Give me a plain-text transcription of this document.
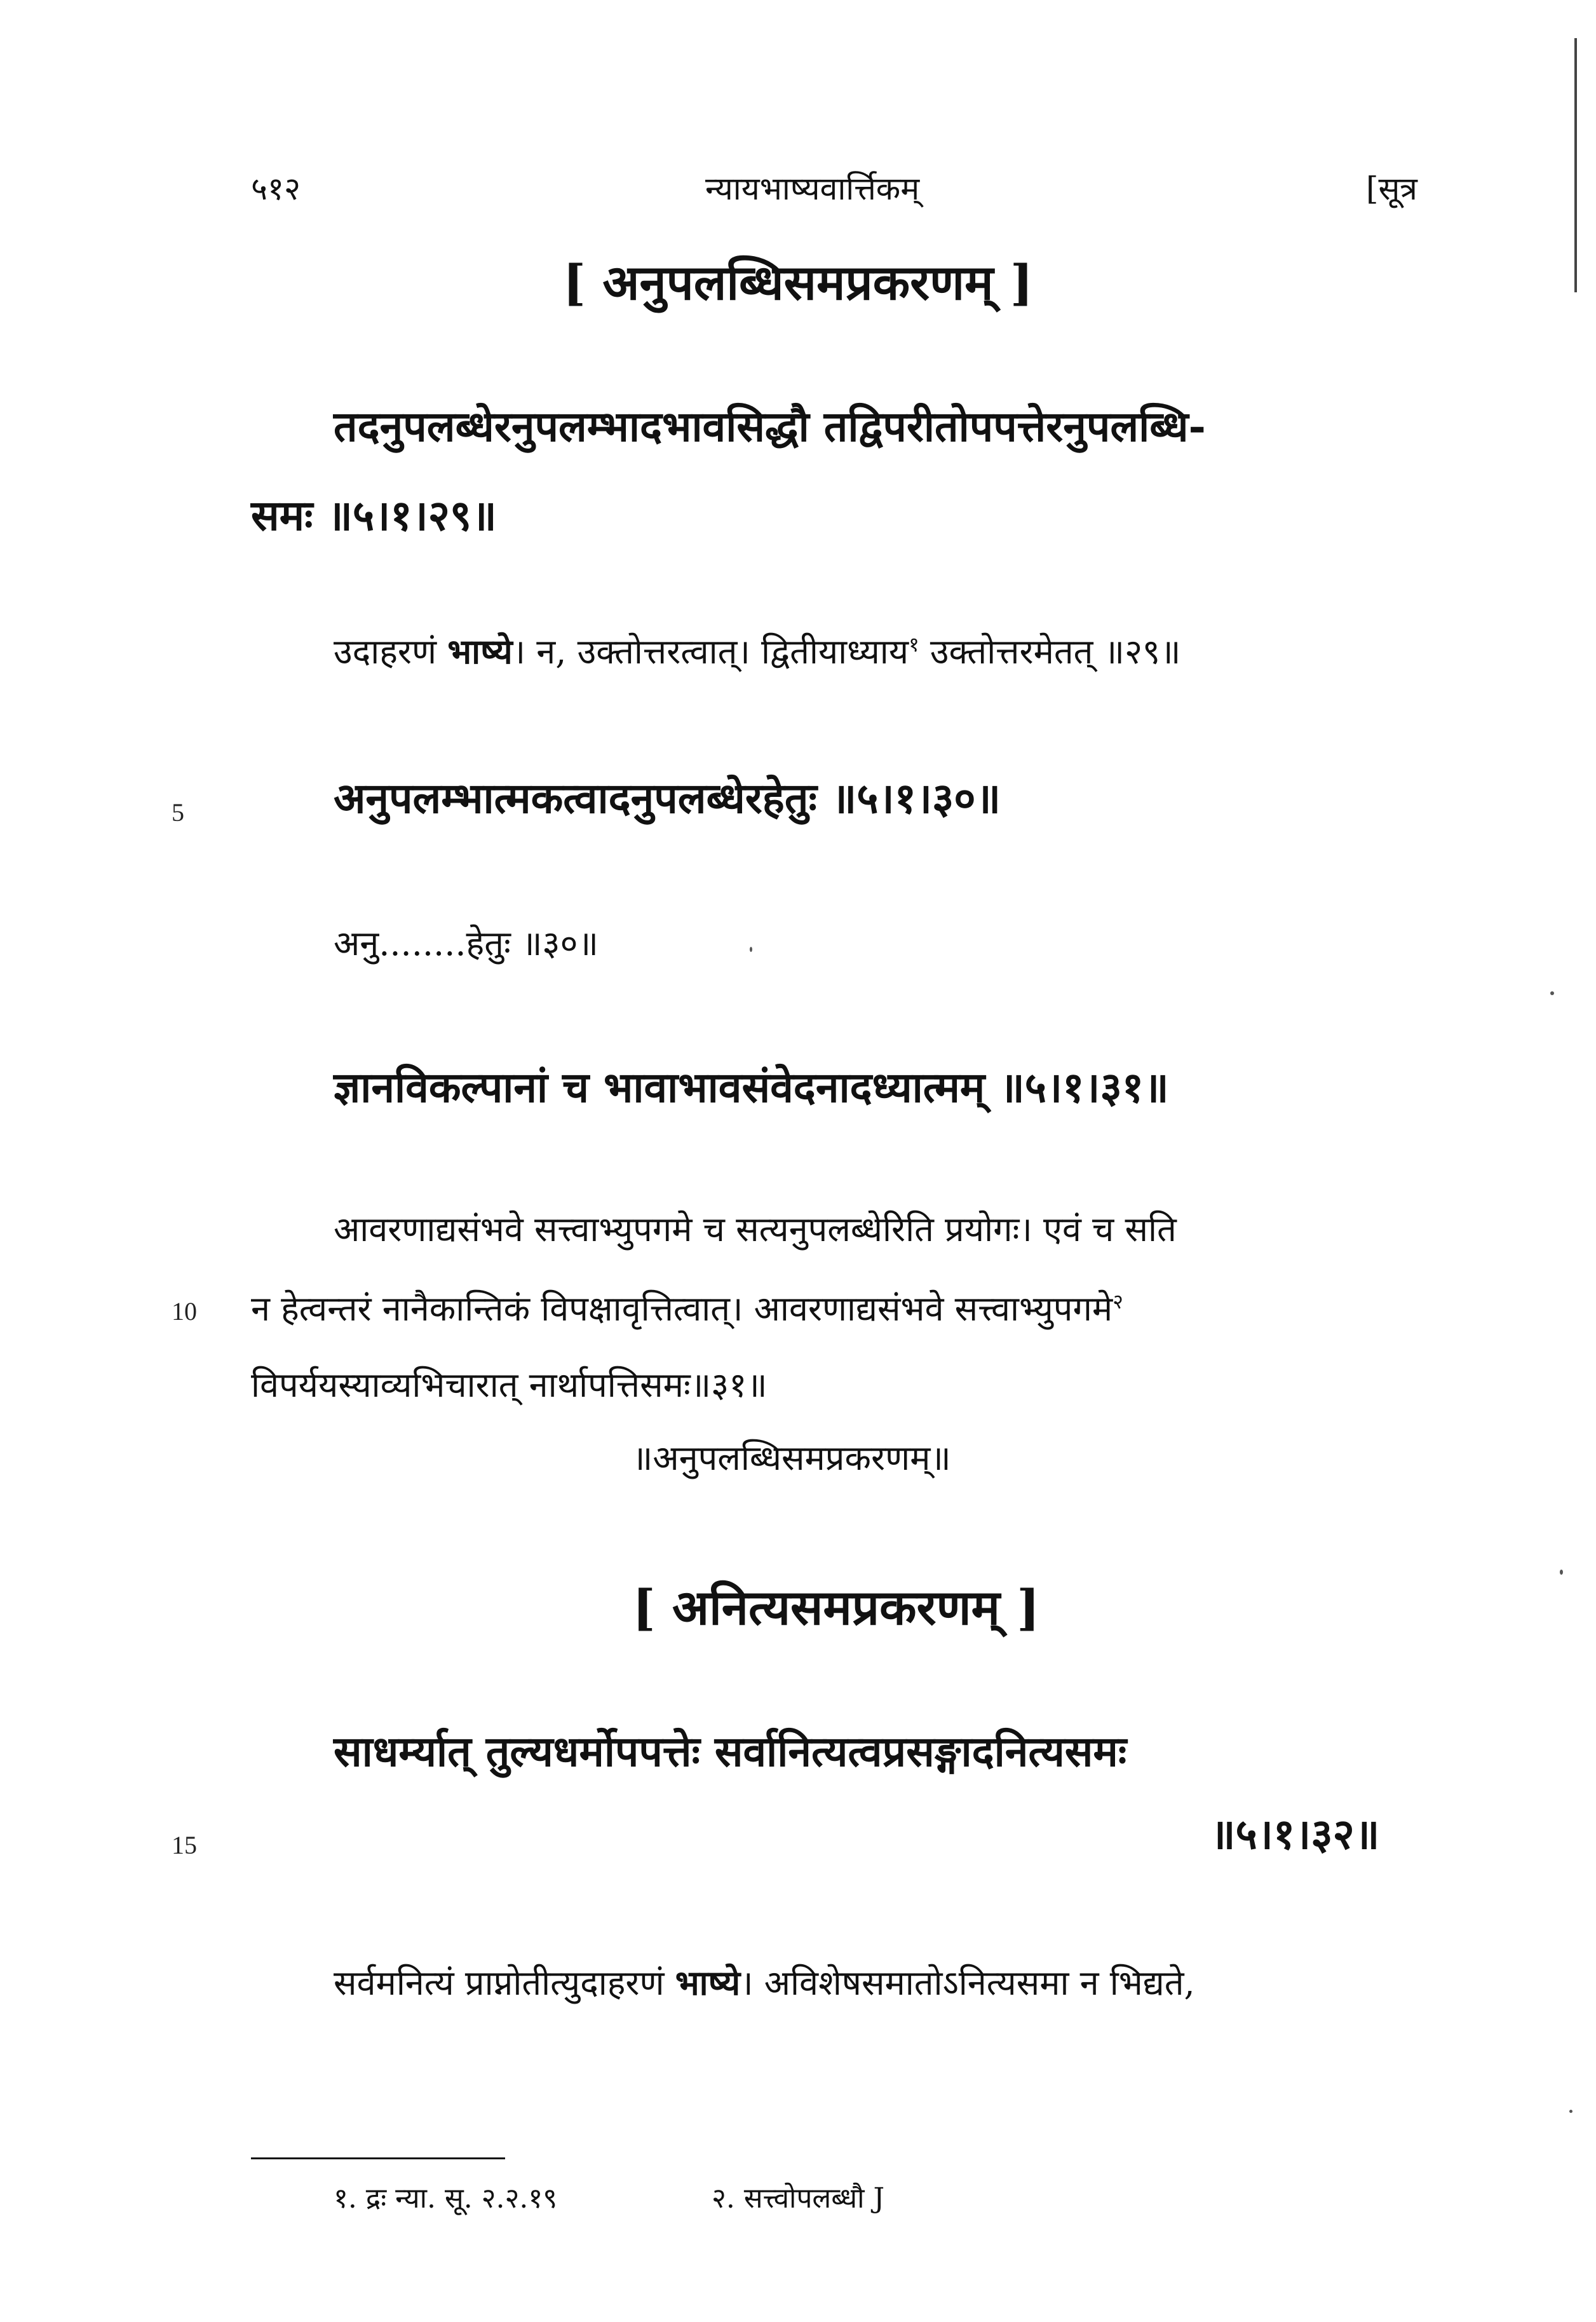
५१२	न्यायभाष्यवार्त्तिकम्	[सूत्र
[ अनुपलब्धिसमप्रकरणम् ]
तदनुपलब्धेरनुपलम्भादभावसिद्धौ तद्विपरीतोपपत्तेरनुपलब्धि-
समः ॥५।१।२९॥
उदाहरणं भाष्ये। न, उक्तोत्तरत्वात्। द्वितीयाध्याय$^१$ उक्तोत्तरमेतत् ॥२९॥
5	अनुपलम्भात्मकत्वादनुपलब्धेरहेतुः ॥५।१।३०॥
अनु........हेतुः ॥३०॥
ज्ञानविकल्पानां च भावाभावसंवेदनादध्यात्मम् ॥५।१।३१॥
आवरणाद्यसंभवे सत्त्वाभ्युपगमे च सत्यनुपलब्धेरिति प्रयोगः। एवं च सति
10 न हेत्वन्तरं नानैकान्तिकं विपक्षावृत्तित्वात्। आवरणाद्यसंभवे सत्त्वाभ्युपगमे$^२$
विपर्ययस्याव्यभिचारात् नार्थापत्तिसमः॥३१॥
॥अनुपलब्धिसमप्रकरणम्॥
[ अनित्यसमप्रकरणम् ]
साधर्म्यात् तुल्यधर्मोपपत्तेः सर्वानित्यत्वप्रसङ्गादनित्यसमः
15	॥५।१।३२॥
सर्वमनित्यं प्राप्नोतीत्युदाहरणं भाष्ये। अविशेषसमातोऽनित्यसमा न भिद्यते,
१. द्रः न्या. सू. २.२.१९	२. सत्त्वोपलब्धौ J
